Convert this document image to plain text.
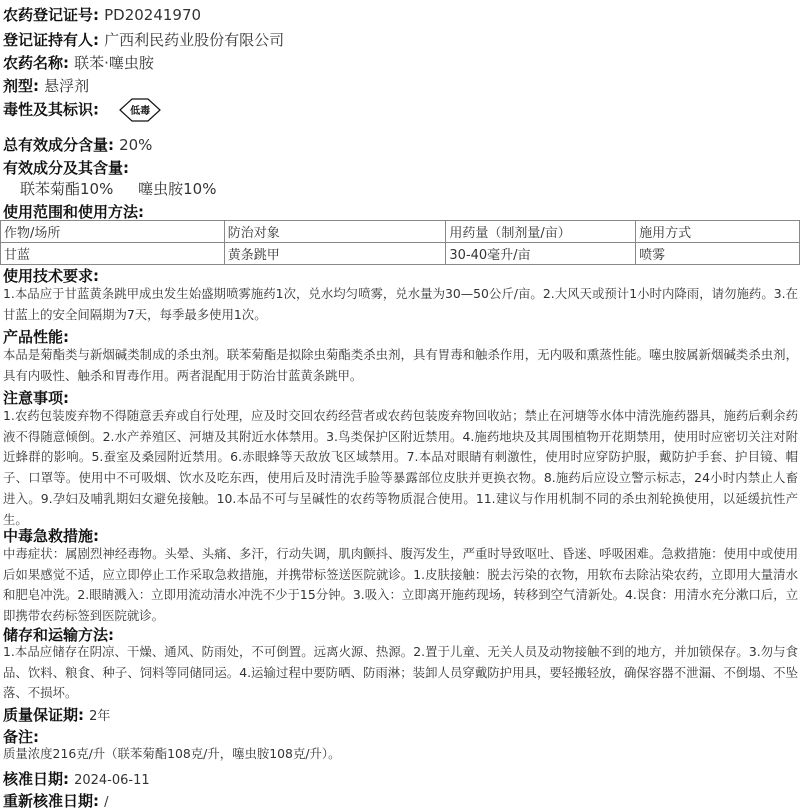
农药登记证号: PD20241970
登记证持有人: 广西利民药业股份有限公司
农药名称: 联苯·噻虫胺
剂型: 悬浮剂
毒性及其标识:	低毒
总有效成分含量: 20%
有效成分及其含量:
联苯菊酯10% 噻虫胺10%
使用范围和使用方法:
作物/场所	防治对象	用药量（制剂量/亩）	施用方式
甘蓝	黄条跳甲	30-40毫升/亩	喷雾
使用技术要求:
1.本品应于甘蓝黄条跳甲成虫发生始盛期喷雾施药1次，兑水均匀喷雾，兑水量为30—50公斤/亩。2.大风天或预计1小时内降雨，请勿施药。3.在甘蓝上的安全间隔期为7天，每季最多使用1次。
产品性能:
本品是菊酯类与新烟碱类制成的杀虫剂。联苯菊酯是拟除虫菊酯类杀虫剂，具有胃毒和触杀作用，无内吸和熏蒸性能。噻虫胺属新烟碱类杀虫剂，具有内吸性、触杀和胃毒作用。两者混配用于防治甘蓝黄条跳甲。
注意事项:
1.农药包装废弃物不得随意丢弃或自行处理，应及时交回农药经营者或农药包装废弃物回收站；禁止在河塘等水体中清洗施药器具，施药后剩余药液不得随意倾倒。2.水产养殖区、河塘及其附近水体禁用。3.鸟类保护区附近禁用。4.施药地块及其周围植物开花期禁用，使用时应密切关注对附近蜂群的影响。5.蚕室及桑园附近禁用。6.赤眼蜂等天敌放飞区域禁用。7.本品对眼睛有刺激性，使用时应穿防护服，戴防护手套、护目镜、帽子、口罩等。使用中不可吸烟、饮水及吃东西，使用后及时清洗手脸等暴露部位皮肤并更换衣物。8.施药后应设立警示标志，24小时内禁止人畜进入。9.孕妇及哺乳期妇女避免接触。10.本品不可与呈碱性的农药等物质混合使用。11.建议与作用机制不同的杀虫剂轮换使用，以延缓抗性产生。
中毒急救措施:
中毒症状：属剧烈神经毒物。头晕、头痛、多汗，行动失调，肌肉颤抖、腹泻发生，严重时导致呕吐、昏迷、呼吸困难。急救措施：使用中或使用后如果感觉不适，应立即停止工作采取急救措施，并携带标签送医院就诊。1.皮肤接触：脱去污染的衣物，用软布去除沾染农药，立即用大量清水和肥皂冲洗。2.眼睛溅入：立即用流动清水冲洗不少于15分钟。3.吸入：立即离开施药现场，转移到空气清新处。4.误食：用清水充分漱口后，立即携带农药标签到医院就诊。
储存和运输方法:
1.本品应储存在阴凉、干燥、通风、防雨处，不可倒置。远离火源、热源。2.置于儿童、无关人员及动物接触不到的地方，并加锁保存。3.勿与食品、饮料、粮食、种子、饲料等同储同运。4.运输过程中要防晒、防雨淋；装卸人员穿戴防护用具，要轻搬轻放，确保容器不泄漏、不倒塌、不坠落、不损坏。
质量保证期: 2年
备注:
质量浓度216克/升（联苯菊酯108克/升，噻虫胺108克/升）。
核准日期: 2024-06-11
重新核准日期: /
